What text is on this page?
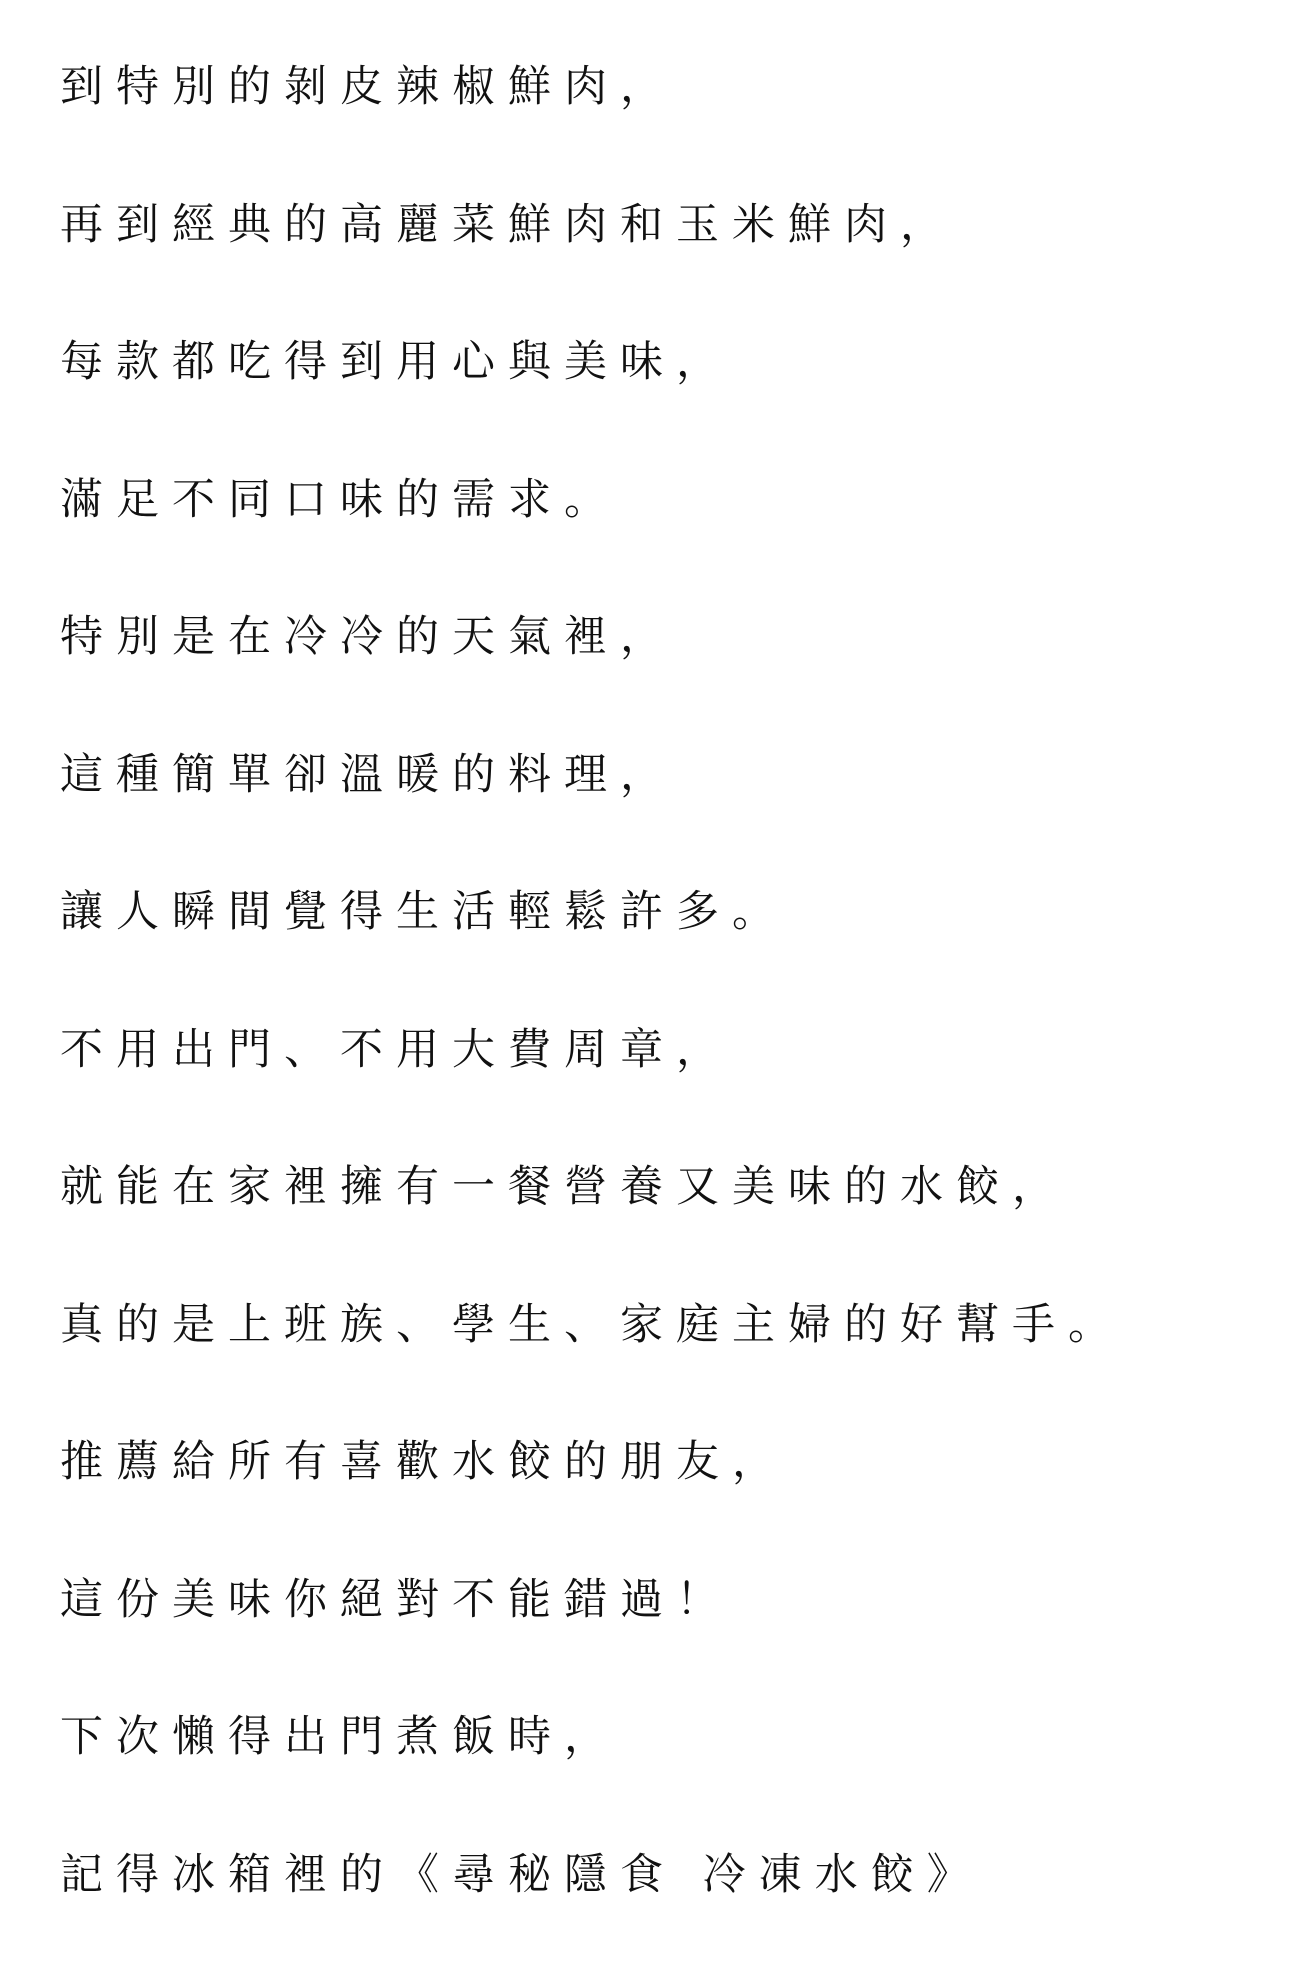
到特別的剝皮辣椒鮮肉，

再到經典的高麗菜鮮肉和玉米鮮肉，

每款都吃得到用心與美味，

滿足不同口味的需求。

特別是在冷冷的天氣裡，

這種簡單卻溫暖的料理，

讓人瞬間覺得生活輕鬆許多。

不用出門、不用大費周章，

就能在家裡擁有一餐營養又美味的水餃，

真的是上班族、學生、家庭主婦的好幫手。

推薦給所有喜歡水餃的朋友，

這份美味你絕對不能錯過！

下次懶得出門煮飯時，

記得冰箱裡的《尋秘隱食 冷凍水餃》
